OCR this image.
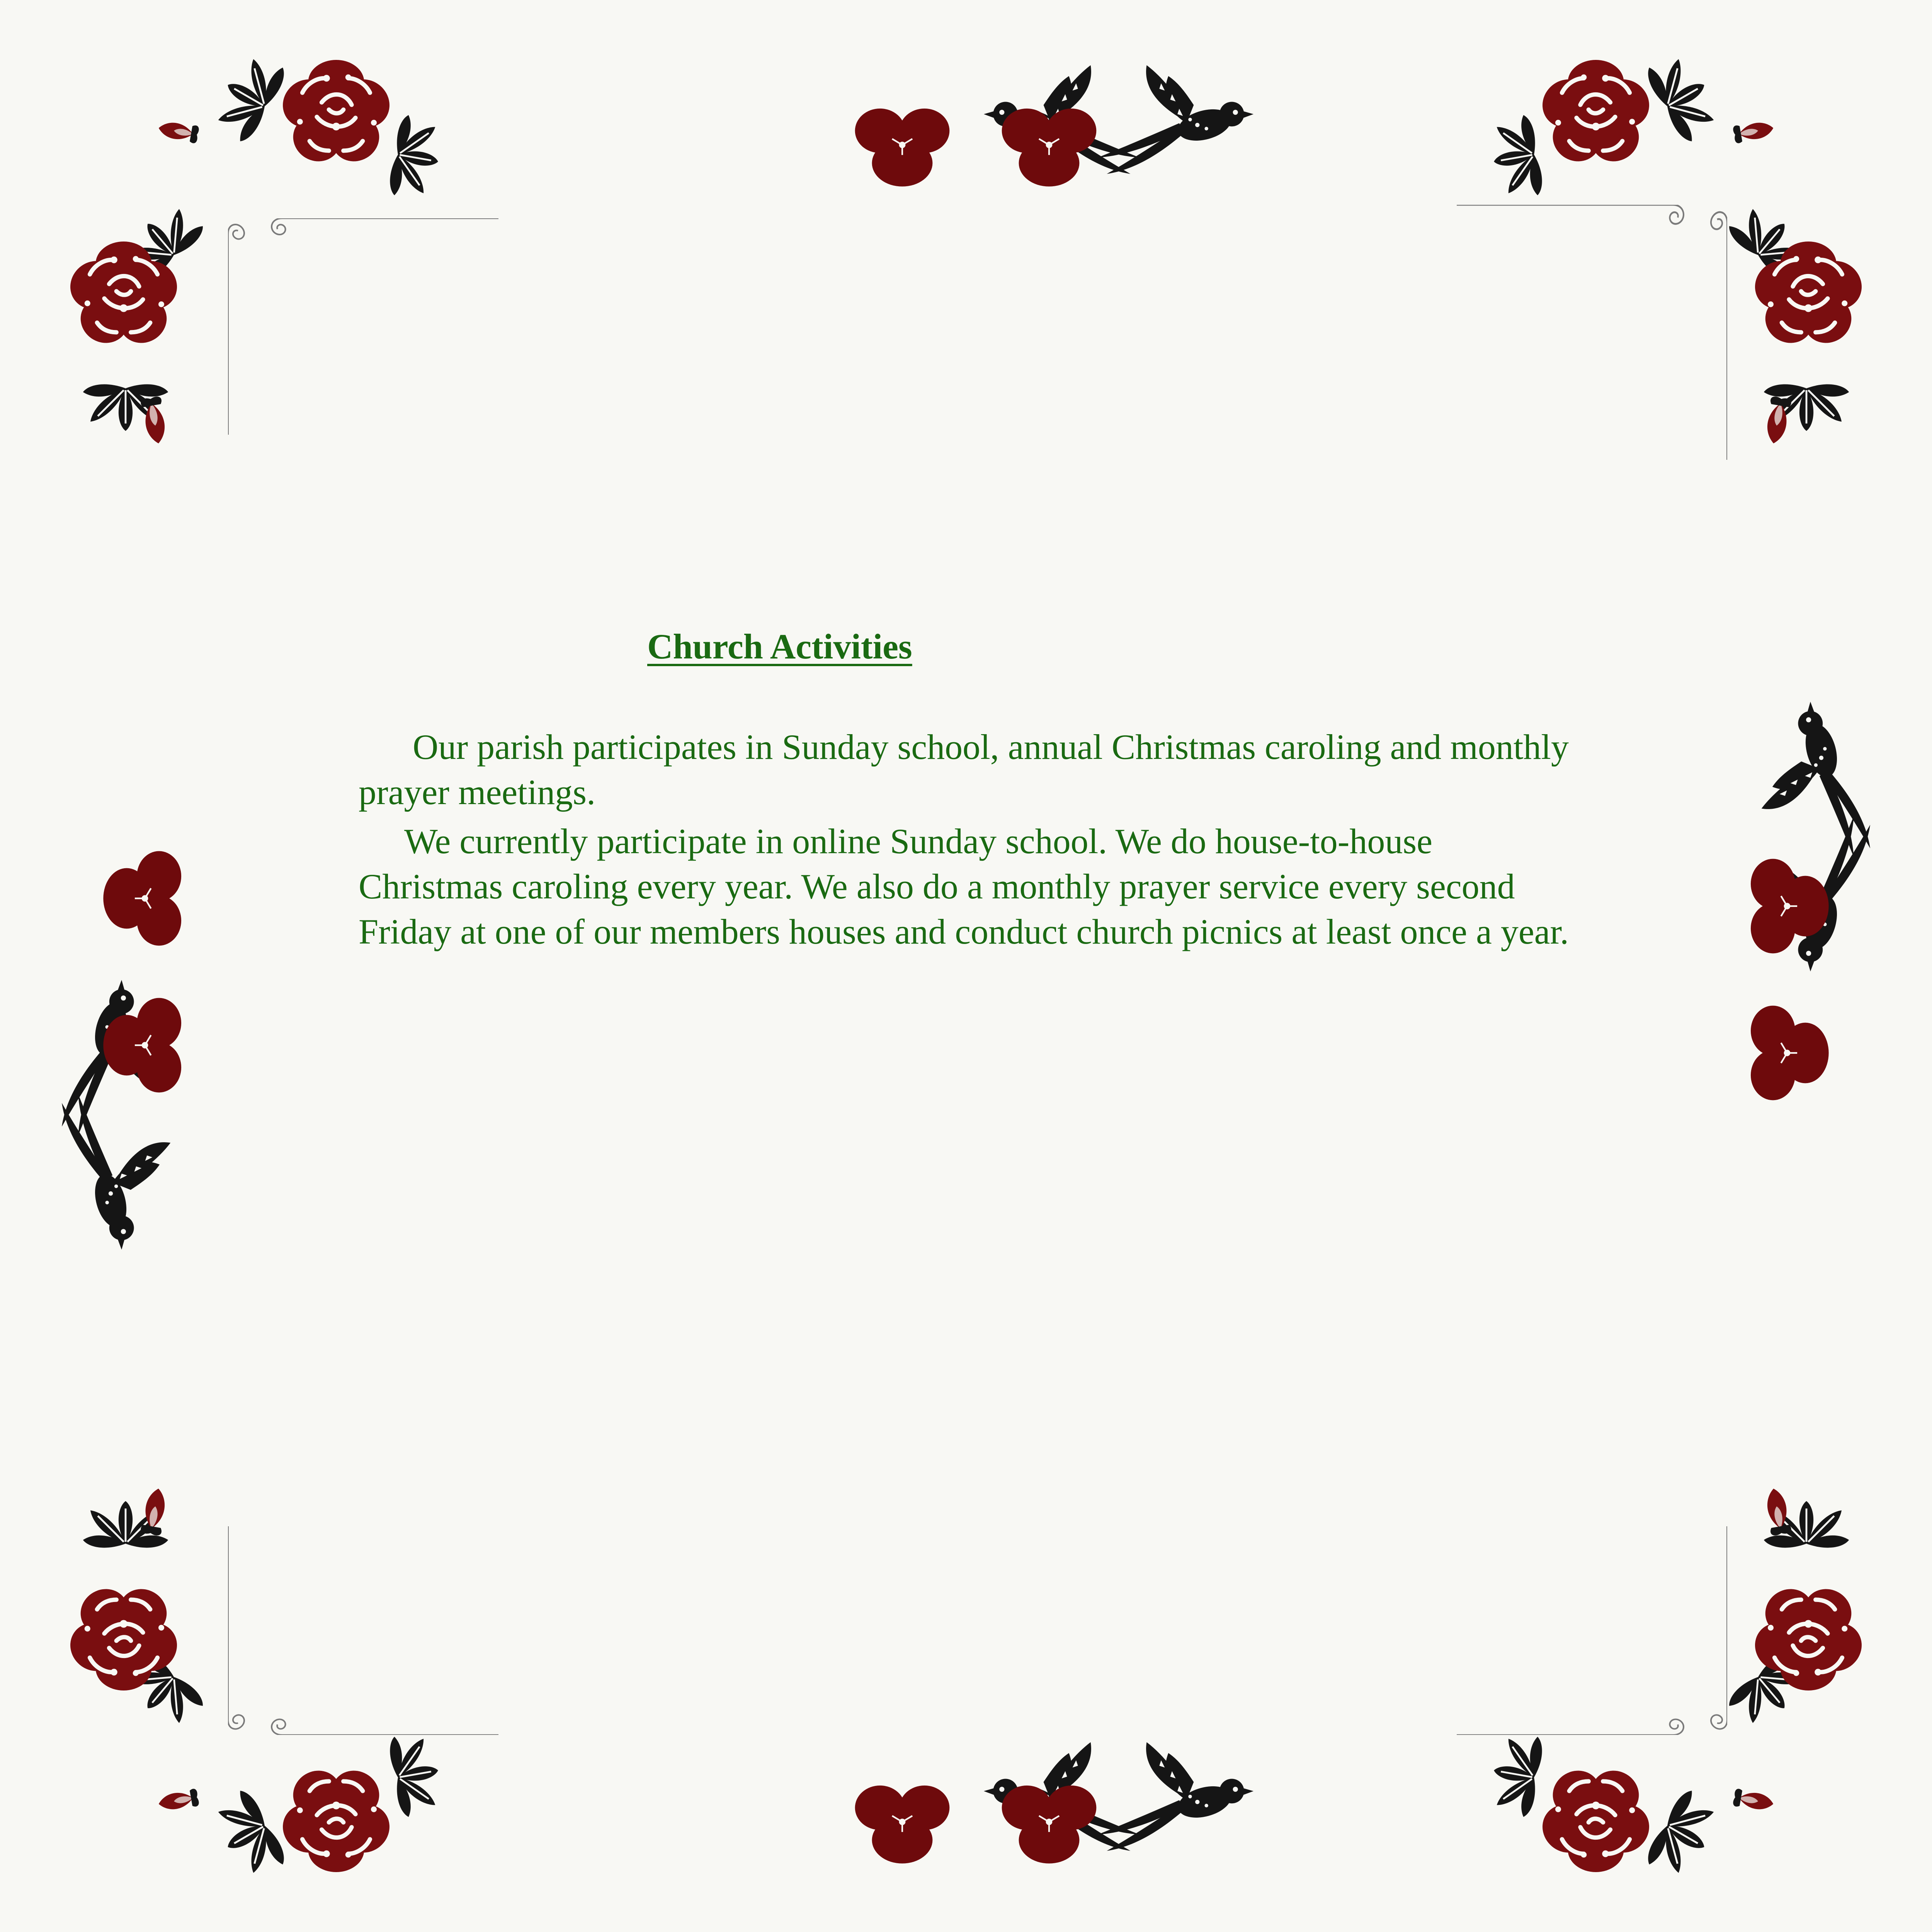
Church Activities

Our parish participates in Sunday school, annual Christmas caroling and monthly prayer meetings.

We currently participate in online Sunday school. We do house-to-house Christmas caroling every year. We also do a monthly prayer service every second Friday at one of our members houses and conduct church picnics at least once a year.
